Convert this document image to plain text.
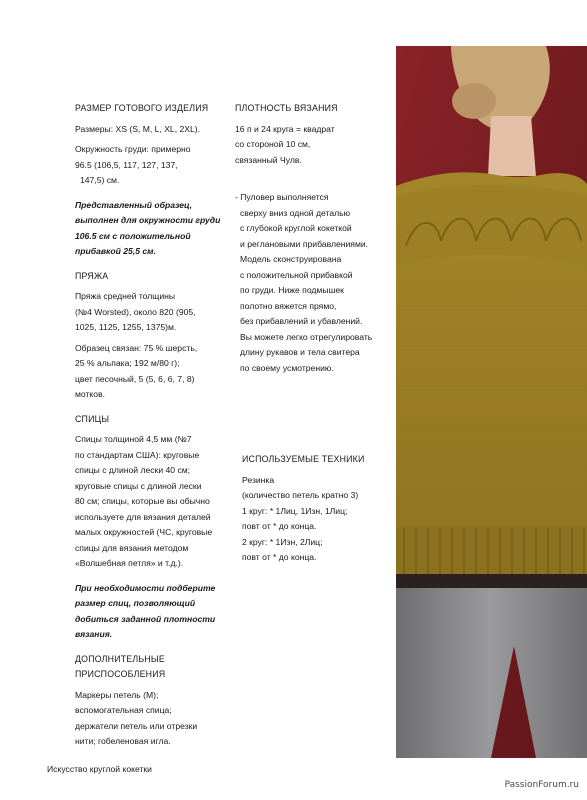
РАЗМЕР ГОТОВОГО ИЗДЕЛИЯ

Размеры: XS (S, M, L, XL, 2XL).

Окружность груди: примерно

96.5 (106,5, 117, 127, 137,

147,5) см.

Представленный образец,

выполнен для окружности груди

106.5 см с положительной

прибавкой 25,5 см.

ПРЯЖА

Пряжа средней толщины

(№4 Worsted), около 820 (905,

1025, 1125, 1255, 1375)м.

Образец связан: 75 % шерсть,

25 % альпака; 192 м/80 г);

цвет песочный, 5 (5, 6, 6, 7, 8)

мотков.

СПИЦЫ

Спицы толщиной 4,5 мм (№7

по стандартам США): круговые

спицы с длиной лески 40 см;

круговые спицы с длиной лески

80 см; спицы, которые вы обычно

используете для вязания деталей

малых окружностей (ЧС, круговые

спицы для вязания методом

«Волшебная петля» и т.д.).

При необходимости подберите

размер спиц, позволяющий

добиться заданной плотности

вязания.

ДОПОЛНИТЕЛЬНЫЕ

ПРИСПОСОБЛЕНИЯ

Маркеры петель (М);

вспомогательная спица;

держатели петель или отрезки

нити; гобеленовая игла.

ПЛОТНОСТЬ ВЯЗАНИЯ

16 п и 24 круга = квадрат

со стороной 10 см,

связанный Чулв.

- Пуловер выполняется

сверху вниз одной деталью

с глубокой круглой кокеткой

и реглановыми прибавлениями.

Модель сконструирована

с положительной прибавкой

по груди. Ниже подмышек

полотно вяжется прямо,

без прибавлений и убавлений.

Вы можете легко отрегулировать

длину рукавов и тела свитера

по своему усмотрению.

ИСПОЛЬЗУЕМЫЕ ТЕХНИКИ

Резинка

(количество петель кратно 3)

1 круг: * 1Лиц, 1Изн, 1Лиц;

повт от * до конца.

2 круг: * 1Изн, 2Лиц;

повт от * до конца.

Искусство круглой кокетки
PassionForum.ru
